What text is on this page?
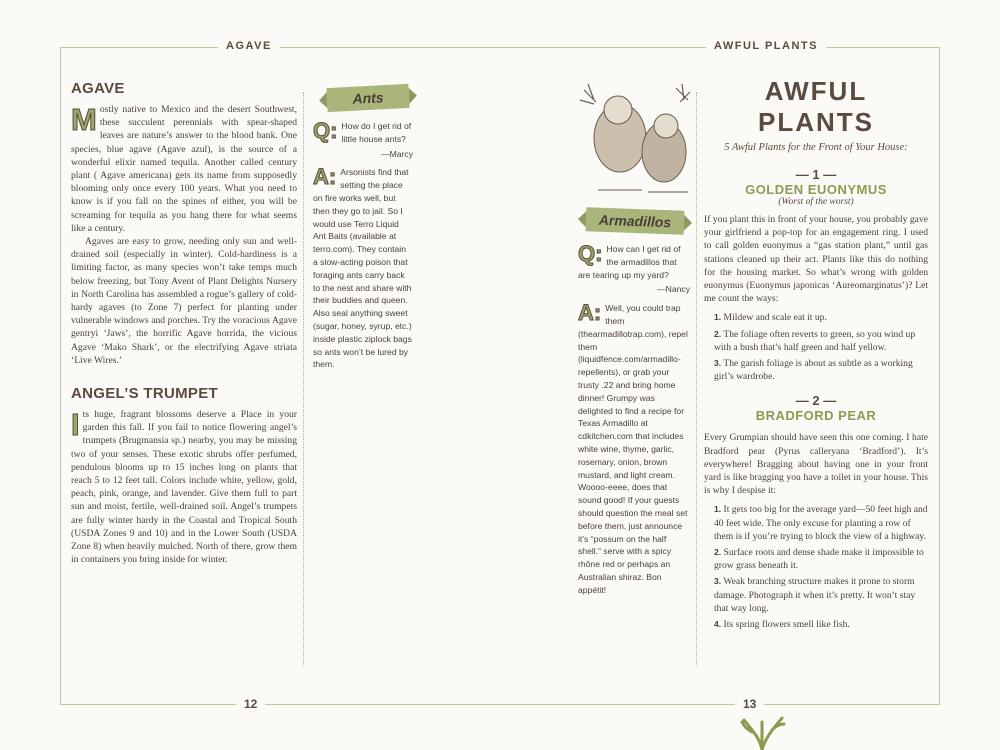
AGAVE	AWFUL PLANTS
12	13
AGAVE

Mostly native to Mexico and the desert Southwest, these succulent perennials with spear-shaped leaves are nature’s answer to the blood bank. One species, blue agave (Agave azul), is the source of a wonderful elixir named tequila. Another called century plant ( Agave americana) gets its name from supposedly blooming only once every 100 years. What you need to know is if you fall on the spines of either, you will be screaming for tequila as you hang there for what seems like a century.

Agaves are easy to grow, needing only sun and well-drained soil (especially in winter). Cold-hardiness is a limiting factor, as many species won’t take temps much below freezing, but Tony Avent of Plant Delights Nursery in North Carolina has assembled a rogue’s gallery of cold-hardy agaves (to Zone 7) perfect for planting under vulnerable windows and porches. Try the voracious Agave gentryi ‘Jaws’, the horrific Agave horrida, the vicious Agave ‘Mako Shark’, or the electrifying Agave striata ‘Live Wires.’

ANGEL’S TRUMPET

Its huge, fragrant blossoms deserve a Place in your garden this fall. If you fail to notice flowering angel’s trumpets (Brugmansia sp.) nearby, you may be missing two of your senses. These exotic shrubs offer perfumed, pendulous blooms up to 15 inches long on plants that reach 5 to 12 feet tall. Colors include white, yellow, gold, peach, pink, orange, and lavender. Give them full to part sun and moist, fertile, well-drained soil. Angel’s trumpets are fully winter hardy in the Coastal and Tropical South (USDA Zones 9 and 10) and in the Lower South (USDA Zone 8) when heavily mulched. North of there, grow them in containers you bring inside for winter.

Ants
Q: How do I get rid of little house ants?
—Marcy
A: Arsonists find that setting the place on fire works well, but then they go to jail. So I would use Terro Liquid Ant Baits (available at terro.com). They contain a slow-acting poison that foraging ants carry back to the nest and share with their buddies and queen. Also seal anything sweet (sugar, honey, syrup, etc.) inside plastic ziplock bags so ants won’t be lured by them.
Armadillos
Q: How can I get rid of the armadillos that are tearing up my yard?
—Nancy
A: Well, you could trap them (thearmadillotrap.com), repel them (liquidfence.com/armadillo-repellents), or grab your trusty .22 and bring home dinner! Grumpy was delighted to find a recipe for Texas Armadillo at cdkitchen.com that includes white wine, thyme, garlic, rosemary, onion, brown mustard, and light cream. Woooo-eeee, does that sound good! If your guests should question the meal set before them, just announce it’s “possum on the half shell.” serve with a spicy rhône red or perhaps an Australian shiraz. Bon appétit!
AWFUL PLANTS
5 Awful Plants for the Front of Your House:
— 1 —
GOLDEN EUONYMUS
(Worst of the worst)
If you plant this in front of your house, you probably gave your girlfriend a pop-top for an engagement ring. I used to call golden euonymus a “gas station plant,” until gas stations cleaned up their act. Plants like this do nothing for the housing market. So what’s wrong with golden euonymus (Euonymus japonicas ‘Aureomarginatus’)? Let me count the ways:
1. Mildew and scale eat it up.
2. The foliage often reverts to green, so you wind up with a bush that’s half green and half yellow.
3. The garish foliage is about as subtle as a working girl’s wardrobe.
— 2 —
BRADFORD PEAR
Every Grumpian should have seen this one coming. I hate Bradford pear (Pyrus calleryana ‘Bradford’). It’s everywhere! Bragging about having one in your front yard is like bragging you have a toilet in your house. This is why I despise it:
1. It gets too big for the average yard—50 feet high and 40 feet wide. The only excuse for planting a row of them is if you’re trying to block the view of a highway.
2. Surface roots and dense shade make it impossible to grow grass beneath it.
3. Weak branching structure makes it prone to storm damage. Photograph it when it’s pretty. It won’t stay that way long.
4. Its spring flowers smell like fish.
